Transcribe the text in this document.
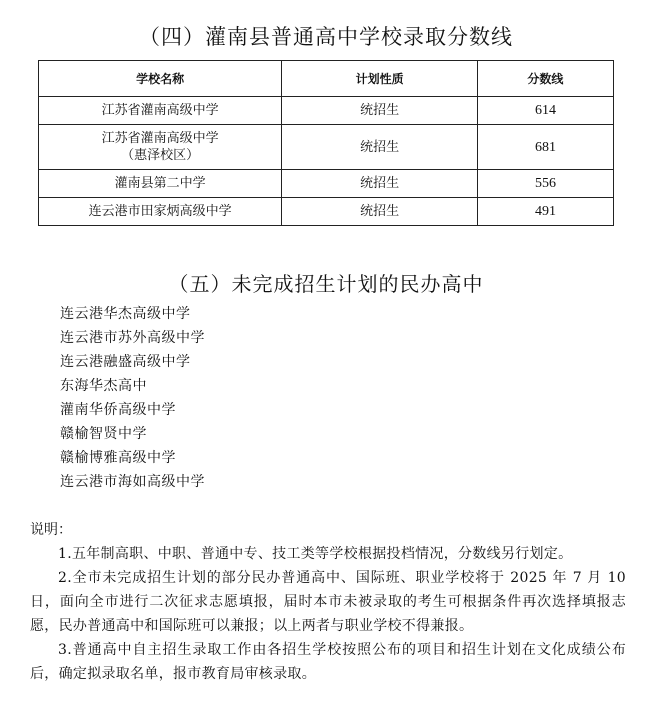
（四）灌南县普通高中学校录取分数线
学校名称	计划性质	分数线
江苏省灌南高级中学	统招生	614

江苏省灌南高级中学
（惠泽校区）	统招生	681
灌南县第二中学	统招生	556
连云港市田家炳高级中学	统招生	491
（五）未完成招生计划的民办高中
连云港华杰高级中学
连云港市苏外高级中学
连云港融盛高级中学
东海华杰高中
灌南华侨高级中学
赣榆智贤中学
赣榆博雅高级中学
连云港市海如高级中学

说明：

1.五年制高职、中职、普通中专、技工类等学校根据投档情况，分数线另行划定。

2.全市未完成招生计划的部分民办普通高中、国际班、职业学校将于 2025 年 7 月 10 日，面向全市进行二次征求志愿填报，届时本市未被录取的考生可根据条件再次选择填报志愿，民办普通高中和国际班可以兼报；以上两者与职业学校不得兼报。

3.普通高中自主招生录取工作由各招生学校按照公布的项目和招生计划在文化成绩公布后，确定拟录取名单，报市教育局审核录取。
